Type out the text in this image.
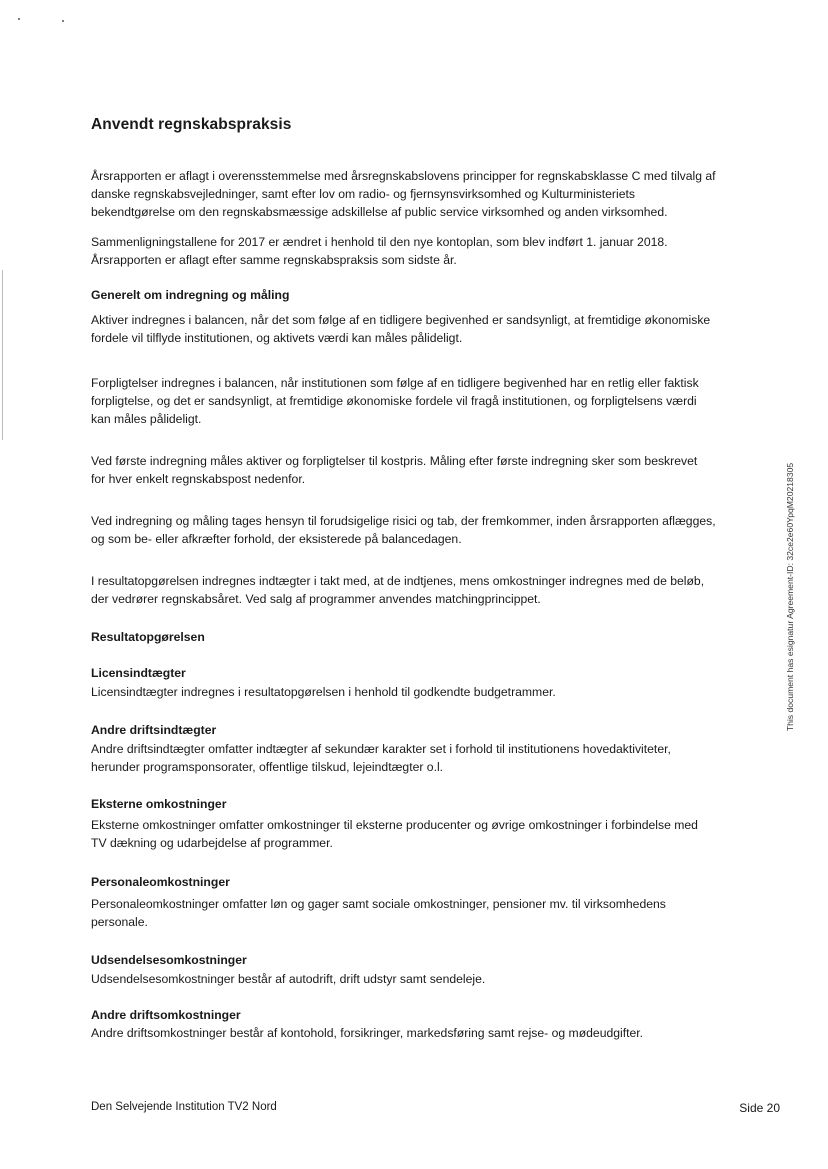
Anvendt regnskabspraksis

Årsrapporten er aflagt i overensstemmelse med årsregnskabslovens principper for regnskabsklasse C med tilvalg af
danske regnskabsvejledninger, samt efter lov om radio- og fjernsynsvirksomhed og Kulturministeriets
bekendtgørelse om den regnskabsmæssige adskillelse af public service virksomhed og anden virksomhed.

Sammenligningstallene for 2017 er ændret i henhold til den nye kontoplan, som blev indført 1. januar 2018.
Årsrapporten er aflagt efter samme regnskabspraksis som sidste år.

Generelt om indregning og måling

Aktiver indregnes i balancen, når det som følge af en tidligere begivenhed er sandsynligt, at fremtidige økonomiske
fordele vil tilflyde institutionen, og aktivets værdi kan måles pålideligt.

Forpligtelser indregnes i balancen, når institutionen som følge af en tidligere begivenhed har en retlig eller faktisk
forpligtelse, og det er sandsynligt, at fremtidige økonomiske fordele vil fragå institutionen, og forpligtelsens værdi
kan måles pålideligt.

Ved første indregning måles aktiver og forpligtelser til kostpris. Måling efter første indregning sker som beskrevet
for hver enkelt regnskabspost nedenfor.

Ved indregning og måling tages hensyn til forudsigelige risici og tab, der fremkommer, inden årsrapporten aflægges,
og som be- eller afkræfter forhold, der eksisterede på balancedagen.

I resultatopgørelsen indregnes indtægter i takt med, at de indtjenes, mens omkostninger indregnes med de beløb,
der vedrører regnskabsåret. Ved salg af programmer anvendes matchingprincippet.

Resultatopgørelsen

Licensindtægter

Licensindtægter indregnes i resultatopgørelsen i henhold til godkendte budgetrammer.

Andre driftsindtægter

Andre driftsindtægter omfatter indtægter af sekundær karakter set i forhold til institutionens hovedaktiviteter,
herunder programsponsorater, offentlige tilskud, lejeindtægter o.l.

Eksterne omkostninger

Eksterne omkostninger omfatter omkostninger til eksterne producenter og øvrige omkostninger i forbindelse med
TV dækning og udarbejdelse af programmer.

Personaleomkostninger

Personaleomkostninger omfatter løn og gager samt sociale omkostninger, pensioner mv. til virksomhedens
personale.

Udsendelsesomkostninger

Udsendelsesomkostninger består af autodrift, drift udstyr samt sendeleje.

Andre driftsomkostninger

Andre driftsomkostninger består af kontohold, forsikringer, markedsføring samt rejse- og mødeudgifter.

Den Selvejende Institution TV2 Nord	Side 20
This document has esignatur Agreement-ID: 32ce2e60YpqM20218305
